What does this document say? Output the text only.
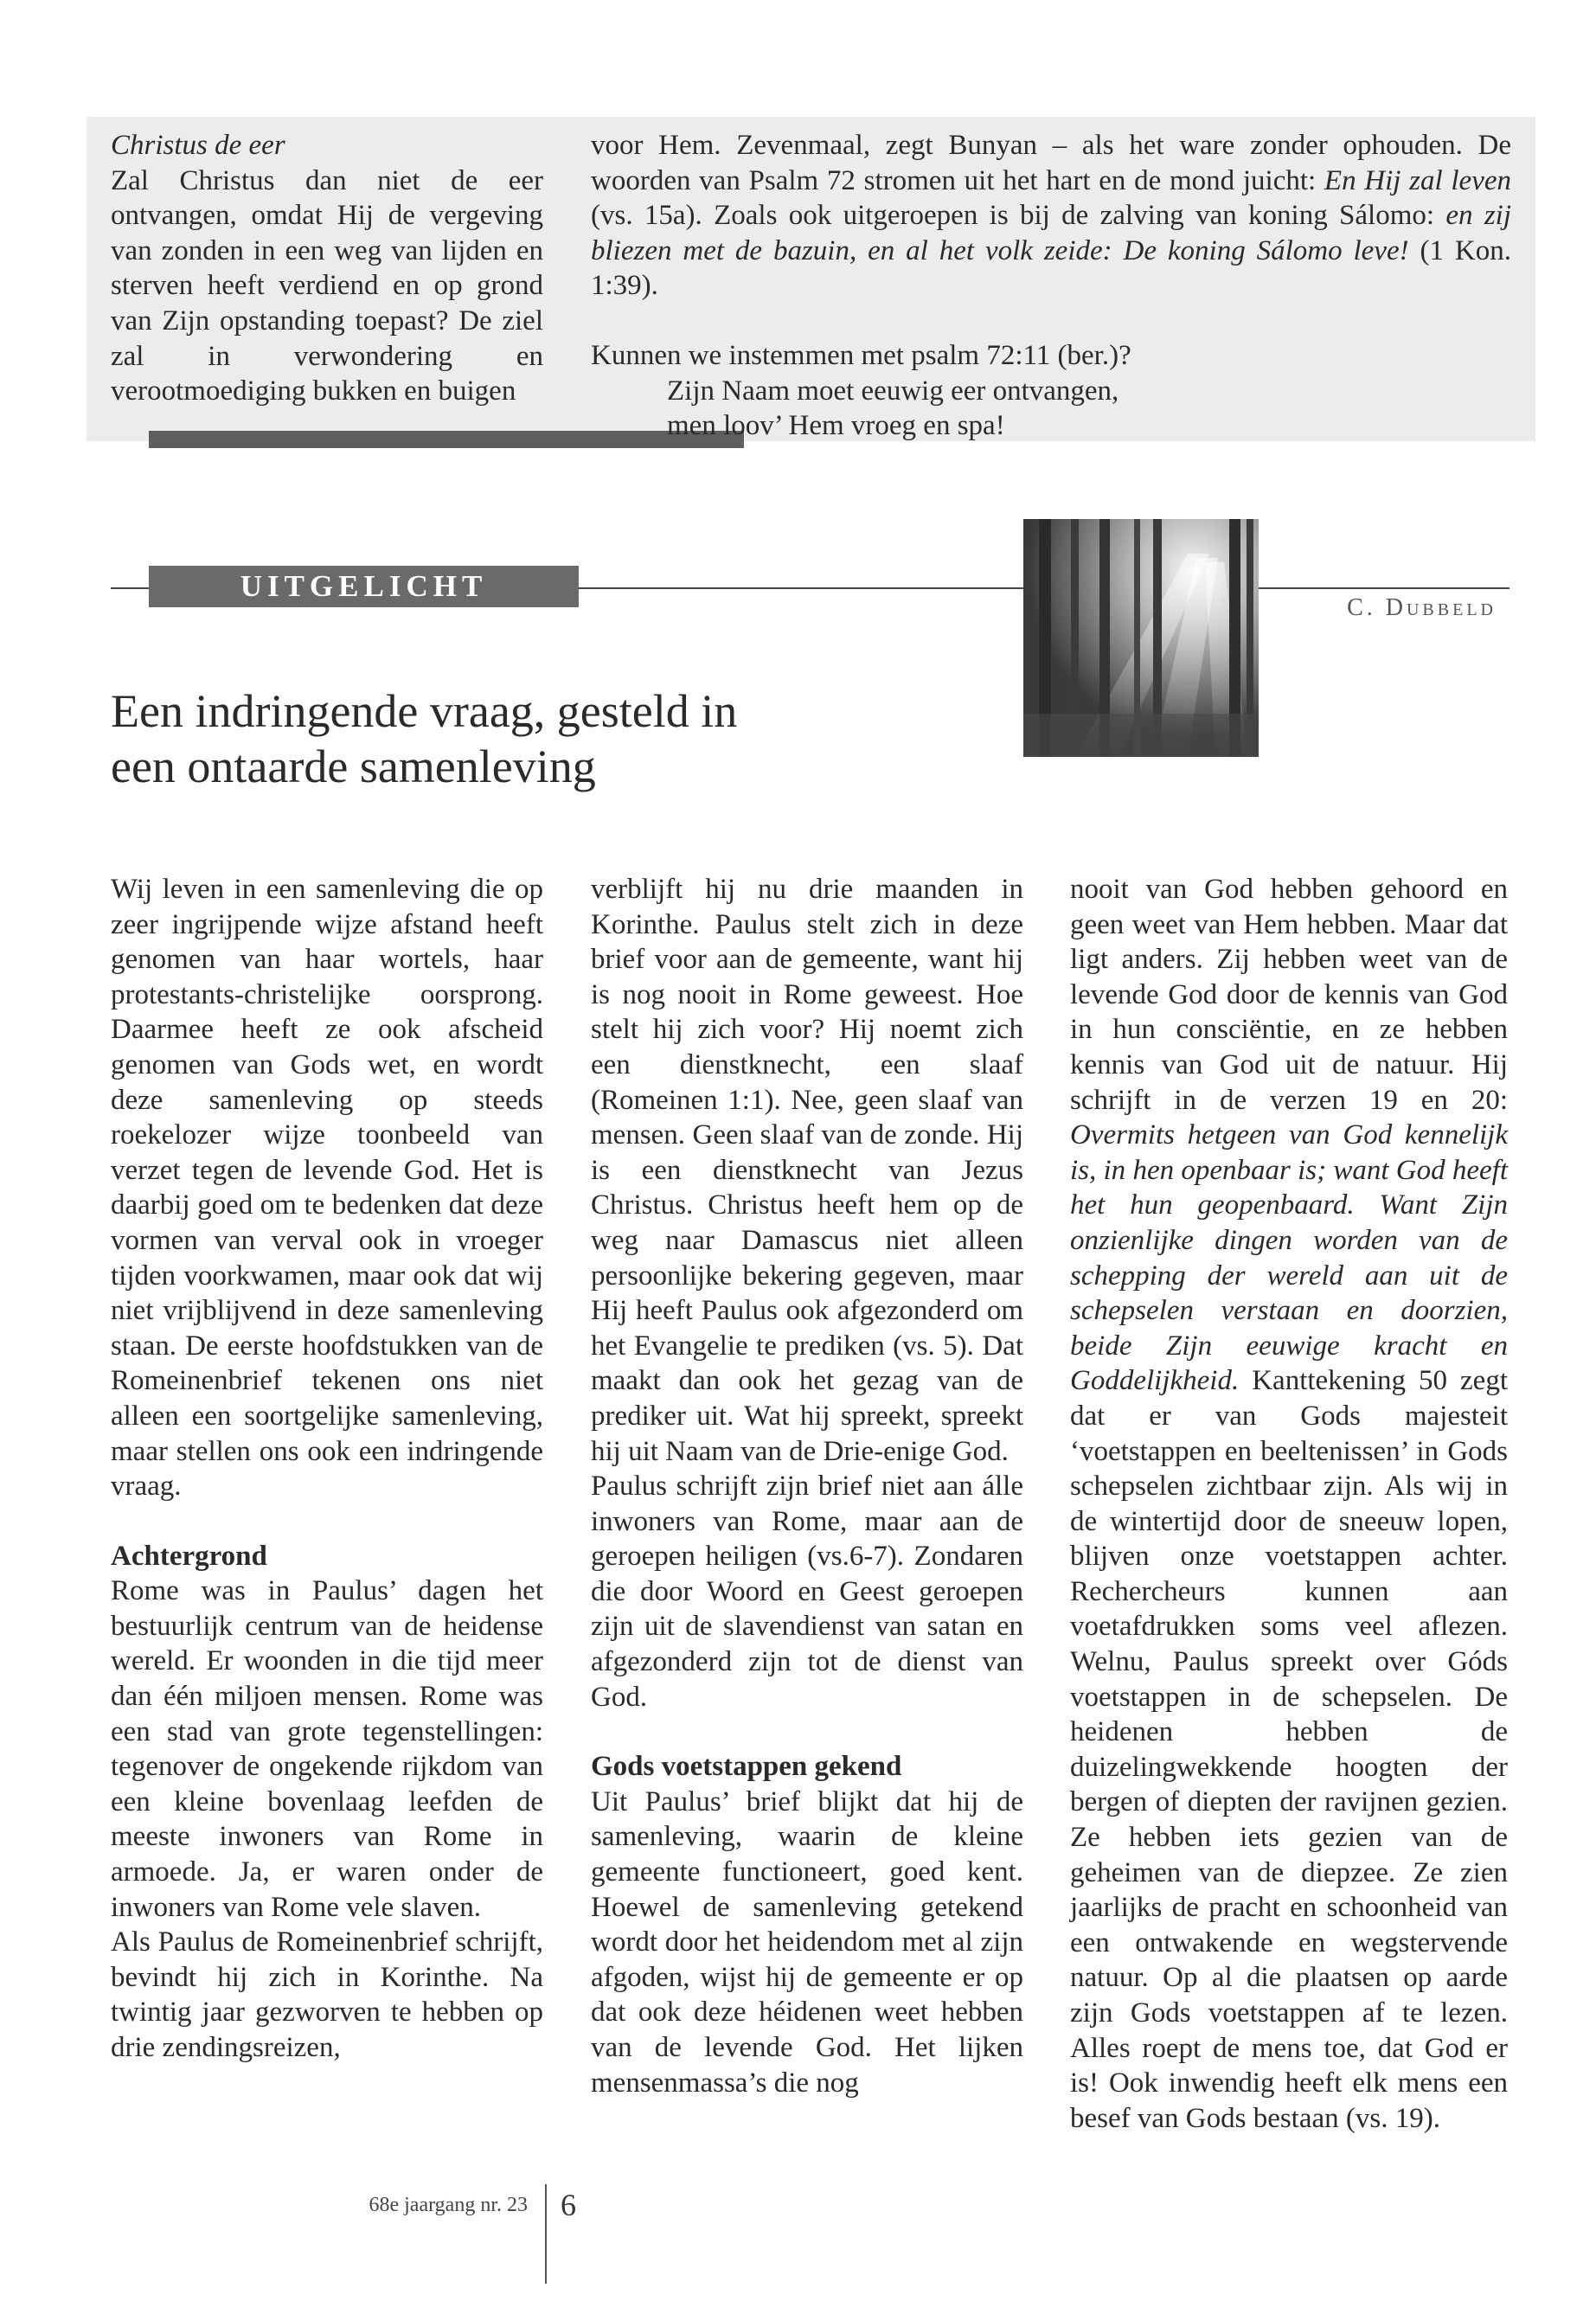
Christus de eer

Zal Christus dan niet de eer ontvangen, omdat Hij de vergeving van zonden in een weg van lijden en sterven heeft verdiend en op grond van Zijn opstanding toepast? De ziel zal in verwondering en verootmoediging bukken en buigen

voor Hem. Zevenmaal, zegt Bunyan – als het ware zonder ophouden. De woorden van Psalm 72 stromen uit het hart en de mond juicht: En Hij zal leven (vs. 15a). Zoals ook uitgeroepen is bij de zalving van koning Sálomo: en zij bliezen met de bazuin, en al het volk zeide: De koning Sálomo leve! (1 Kon. 1:39).

Kunnen we instemmen met psalm 72:11 (ber.)?

Zijn Naam moet eeuwig eer ontvangen,

men loov’ Hem vroeg en spa!

UITGELICHT
C. Dubbeld
Een indringende vraag, gesteld in
een ontaarde samenleving

Wij leven in een samenleving die op zeer ingrijpende wijze afstand heeft genomen van haar wortels, haar protestants-christelijke oorsprong. Daarmee heeft ze ook afscheid genomen van Gods wet, en wordt deze samenleving op steeds roekelozer wijze toonbeeld van verzet tegen de levende God. Het is daarbij goed om te bedenken dat deze vormen van verval ook in vroeger tijden voorkwamen, maar ook dat wij niet vrijblijvend in deze samenleving staan. De eerste hoofdstukken van de Romeinenbrief tekenen ons niet alleen een soortgelijke samenleving, maar stellen ons ook een indringende vraag.

Achtergrond

Rome was in Paulus’ dagen het bestuurlijk centrum van de heidense wereld. Er woonden in die tijd meer dan één miljoen mensen. Rome was een stad van grote tegenstellingen: tegenover de ongekende rijkdom van een kleine bovenlaag leefden de meeste inwoners van Rome in armoede. Ja, er waren onder de inwoners van Rome vele slaven.

Als Paulus de Romeinenbrief schrijft, bevindt hij zich in Korinthe. Na twintig jaar gezworven te hebben op drie zendingsreizen,

verblijft hij nu drie maanden in Korinthe. Paulus stelt zich in deze brief voor aan de gemeente, want hij is nog nooit in Rome geweest. Hoe stelt hij zich voor? Hij noemt zich een dienstknecht, een slaaf (Romeinen 1:1). Nee, geen slaaf van mensen. Geen slaaf van de zonde. Hij is een dienstknecht van Jezus Christus. Christus heeft hem op de weg naar Damascus niet alleen persoonlijke bekering gegeven, maar Hij heeft Paulus ook afgezonderd om het Evangelie te prediken (vs. 5). Dat maakt dan ook het gezag van de prediker uit. Wat hij spreekt, spreekt hij uit Naam van de Drie-enige God.

Paulus schrijft zijn brief niet aan álle inwoners van Rome, maar aan de geroepen heiligen (vs.6-7). Zondaren die door Woord en Geest geroepen zijn uit de slavendienst van satan en afgezonderd zijn tot de dienst van God.

Gods voetstappen gekend

Uit Paulus’ brief blijkt dat hij de samenleving, waarin de kleine gemeente functioneert, goed kent. Hoewel de samenleving getekend wordt door het heidendom met al zijn afgoden, wijst hij de gemeente er op dat ook deze héidenen weet hebben van de levende God. Het lijken mensenmassa’s die nog

nooit van God hebben gehoord en geen weet van Hem hebben. Maar dat ligt anders. Zij hebben weet van de levende God door de kennis van God in hun consciëntie, en ze hebben kennis van God uit de natuur. Hij schrijft in de verzen 19 en 20: Overmits hetgeen van God kennelijk is, in hen openbaar is; want God heeft het hun geopenbaard. Want Zijn onzienlijke dingen worden van de schepping der wereld aan uit de schepselen verstaan en doorzien, beide Zijn eeuwige kracht en Goddelijkheid. Kanttekening 50 zegt dat er van Gods majesteit ‘voetstappen en beeltenissen’ in Gods schepselen zichtbaar zijn. Als wij in de wintertijd door de sneeuw lopen, blijven onze voetstappen achter. Rechercheurs kunnen aan voetafdrukken soms veel aflezen. Welnu, Paulus spreekt over Góds voetstappen in de schepselen. De heidenen hebben de duizelingwekkende hoogten der bergen of diepten der ravijnen gezien. Ze hebben iets gezien van de geheimen van de diepzee. Ze zien jaarlijks de pracht en schoonheid van een ontwakende en wegstervende natuur. Op al die plaatsen op aarde zijn Gods voetstappen af te lezen. Alles roept de mens toe, dat God er is! Ook inwendig heeft elk mens een besef van Gods bestaan (vs. 19).

68e jaargang nr. 23 6
